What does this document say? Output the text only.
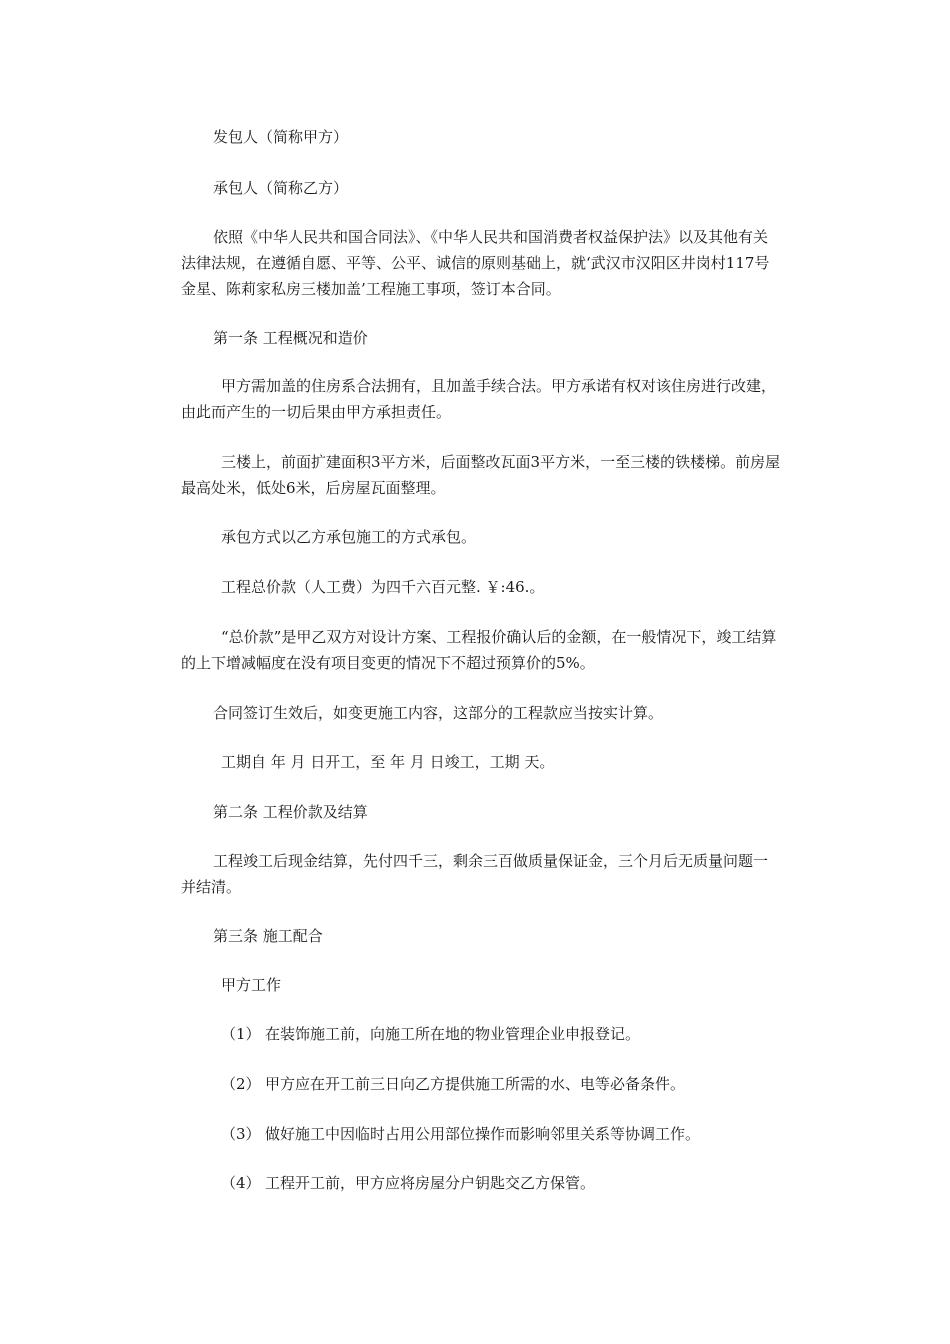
发包人（简称甲方）
承包人（简称乙方）
依照《中华人民共和国合同法》、《中华人民共和国消费者权益保护法》以及其他有关法律法规，在遵循自愿、平等、公平、诚信的原则基础上，就‘武汉市汉阳区井岗村117号金星、陈莉家私房三楼加盖’工程施工事项，签订本合同。
第一条 工程概况和造价
甲方需加盖的住房系合法拥有，且加盖手续合法。甲方承诺有权对该住房进行改建，由此而产生的一切后果由甲方承担责任。
三楼上，前面扩建面积3平方米，后面整改瓦面3平方米，一至三楼的铁楼梯。前房屋最高处米，低处6米，后房屋瓦面整理。
承包方式以乙方承包施工的方式承包。
工程总价款（人工费）为四千六百元整. ￥:46.。
“总价款”是甲乙双方对设计方案、工程报价确认后的金额，在一般情况下，竣工结算的上下增减幅度在没有项目变更的情况下不超过预算价的5%。
合同签订生效后，如变更施工内容，这部分的工程款应当按实计算。
工期自 年 月 日开工，至 年 月 日竣工，工期 天。
第二条 工程价款及结算
工程竣工后现金结算，先付四千三，剩余三百做质量保证金，三个月后无质量问题一并结清。
第三条 施工配合
甲方工作
（1） 在装饰施工前，向施工所在地的物业管理企业申报登记。
（2） 甲方应在开工前三日向乙方提供施工所需的水、电等必备条件。
（3） 做好施工中因临时占用公用部位操作而影响邻里关系等协调工作。
（4） 工程开工前，甲方应将房屋分户钥匙交乙方保管。
